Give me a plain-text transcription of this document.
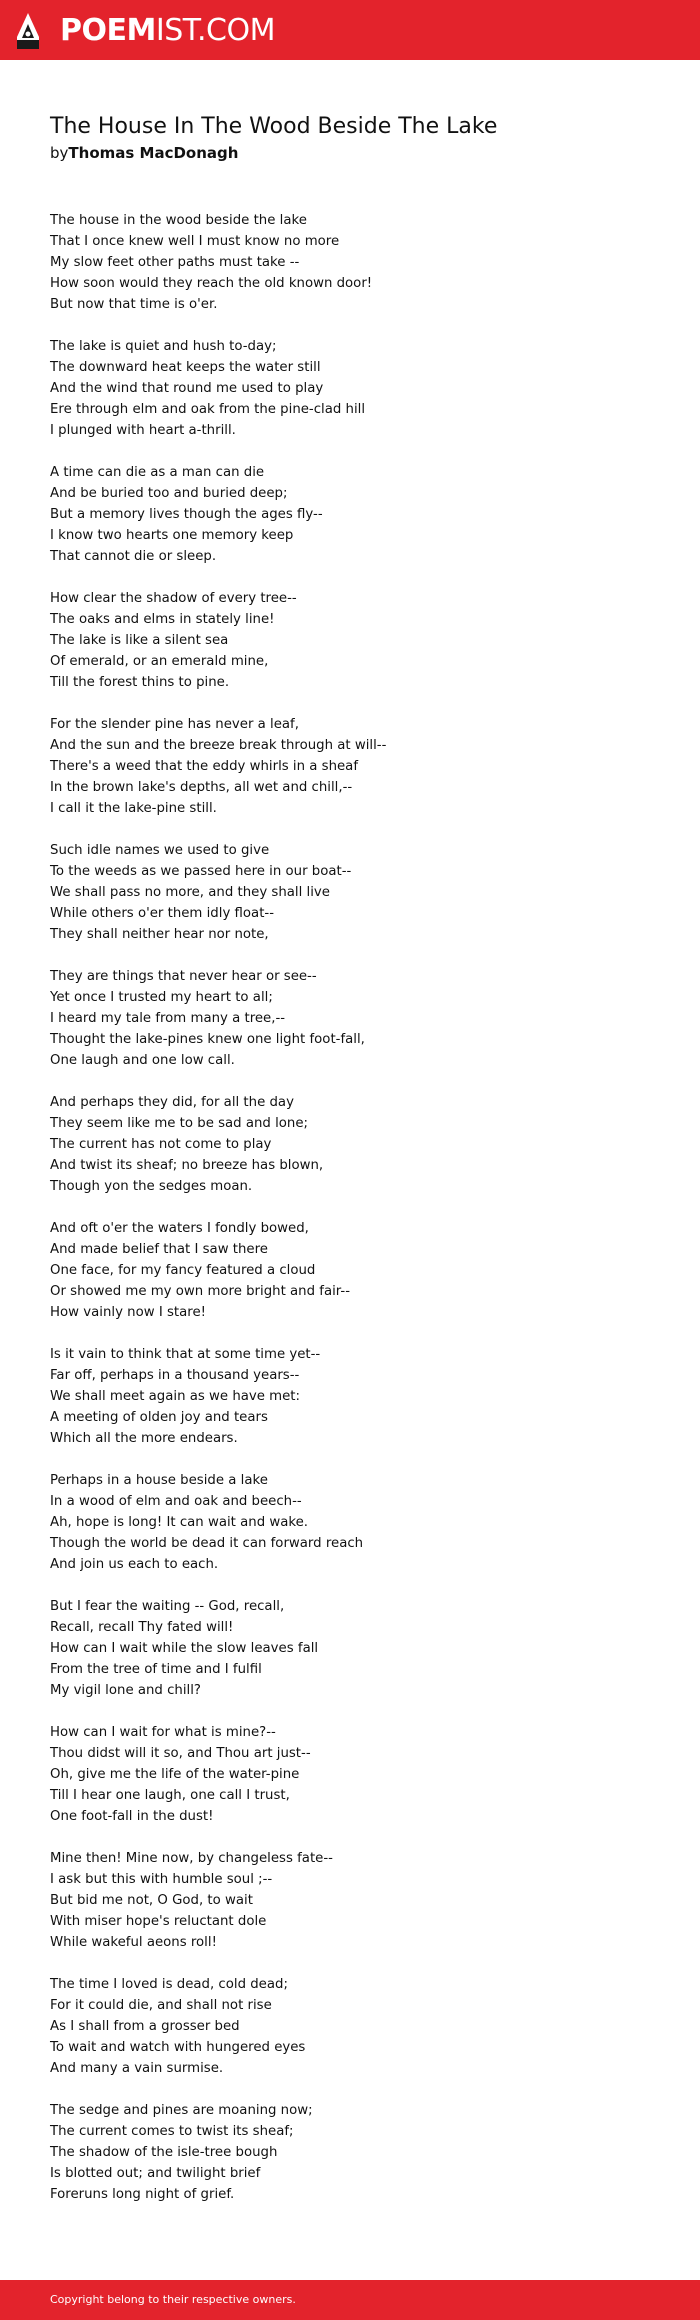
POEMIST.COM
The House In The Wood Beside The Lake

byThomas MacDonagh

The house in the wood beside the lake
That I once knew well I must know no more
My slow feet other paths must take --
How soon would they reach the old known door!
But now that time is o'er.
The lake is quiet and hush to-day;
The downward heat keeps the water still
And the wind that round me used to play
Ere through elm and oak from the pine-clad hill
I plunged with heart a-thrill.
A time can die as a man can die
And be buried too and buried deep;
But a memory lives though the ages fly--
I know two hearts one memory keep
That cannot die or sleep.
How clear the shadow of every tree--
The oaks and elms in stately line!
The lake is like a silent sea
Of emerald, or an emerald mine,
Till the forest thins to pine.
For the slender pine has never a leaf,
And the sun and the breeze break through at will--
There's a weed that the eddy whirls in a sheaf
In the brown lake's depths, all wet and chill,--
I call it the lake-pine still.
Such idle names we used to give
To the weeds as we passed here in our boat--
We shall pass no more, and they shall live
While others o'er them idly float--
They shall neither hear nor note,
They are things that never hear or see--
Yet once I trusted my heart to all;
I heard my tale from many a tree,--
Thought the lake-pines knew one light foot-fall,
One laugh and one low call.
And perhaps they did, for all the day
They seem like me to be sad and lone;
The current has not come to play
And twist its sheaf; no breeze has blown,
Though yon the sedges moan.
And oft o'er the waters I fondly bowed,
And made belief that I saw there
One face, for my fancy featured a cloud
Or showed me my own more bright and fair--
How vainly now I stare!
Is it vain to think that at some time yet--
Far off, perhaps in a thousand years--
We shall meet again as we have met:
A meeting of olden joy and tears
Which all the more endears.
Perhaps in a house beside a lake
In a wood of elm and oak and beech--
Ah, hope is long! It can wait and wake.
Though the world be dead it can forward reach
And join us each to each.
But I fear the waiting -- God, recall,
Recall, recall Thy fated will!
How can I wait while the slow leaves fall
From the tree of time and I fulfil
My vigil lone and chill?
How can I wait for what is mine?--
Thou didst will it so, and Thou art just--
Oh, give me the life of the water-pine
Till I hear one laugh, one call I trust,
One foot-fall in the dust!
Mine then! Mine now, by changeless fate--
I ask but this with humble soul ;--
But bid me not, O God, to wait
With miser hope's reluctant dole
While wakeful aeons roll!
The time I loved is dead, cold dead;
For it could die, and shall not rise
As I shall from a grosser bed
To wait and watch with hungered eyes
And many a vain surmise.
The sedge and pines are moaning now;
The current comes to twist its sheaf;
The shadow of the isle-tree bough
Is blotted out; and twilight brief
Foreruns long night of grief.
Copyright belong to their respective owners.
